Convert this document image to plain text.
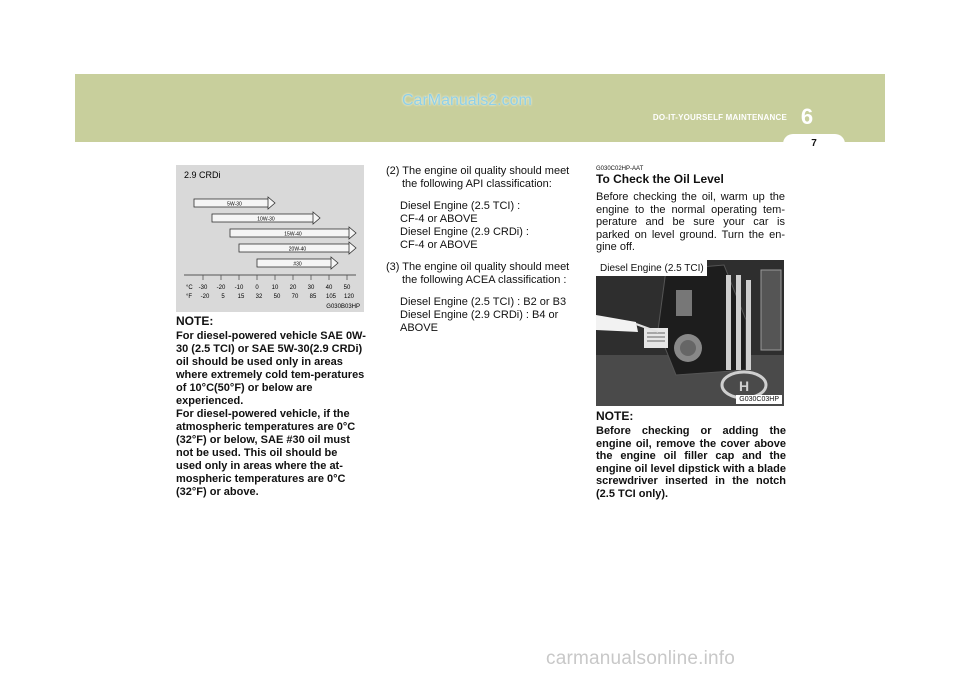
CarManuals2.com
DO-IT-YOURSELF MAINTENANCE 6
7
2.9 CRDi
5W-30
10W-30
15W-40
20W-40
#30
-30
-20
-20
5
-10
15
0
32
10
50
20
70
30
85
40
105
50
120
°C
°F
G030B03HP
NOTE:
For diesel-powered vehicle SAE 0W-30 (2.5 TCI) or SAE 5W-30(2.9 CRDi) oil should be used only in areas where extremely cold tem-peratures of 10°C(50°F) or below are experienced.
For diesel-powered vehicle, if the atmospheric temperatures are 0°C (32°F) or below, SAE #30 oil must not be used. This oil should be used only in areas where the at-mospheric temperatures are 0°C (32°F) or above.
(2) The engine oil quality should meet the following API classification:
Diesel Engine (2.5 TCI) :
CF-4 or ABOVE
Diesel Engine (2.9 CRDi) :
CF-4 or ABOVE
(3) The engine oil quality should meet the following ACEA classification :
Diesel Engine (2.5 TCI) : B2 or B3
Diesel Engine (2.9 CRDi) : B4 or ABOVE
G030C02HP-AAT
To Check the Oil Level
Before checking the oil, warm up the engine to the normal operating tem-perature and be sure your car is parked on level ground. Turn the en-gine off.
H
Diesel Engine (2.5 TCI)
G030C03HP
NOTE:
Before checking or adding the engine oil, remove the cover above the engine oil filler cap and the engine oil level dipstick with a blade screwdriver inserted in the notch (2.5 TCI only).
carmanualsonline.info
